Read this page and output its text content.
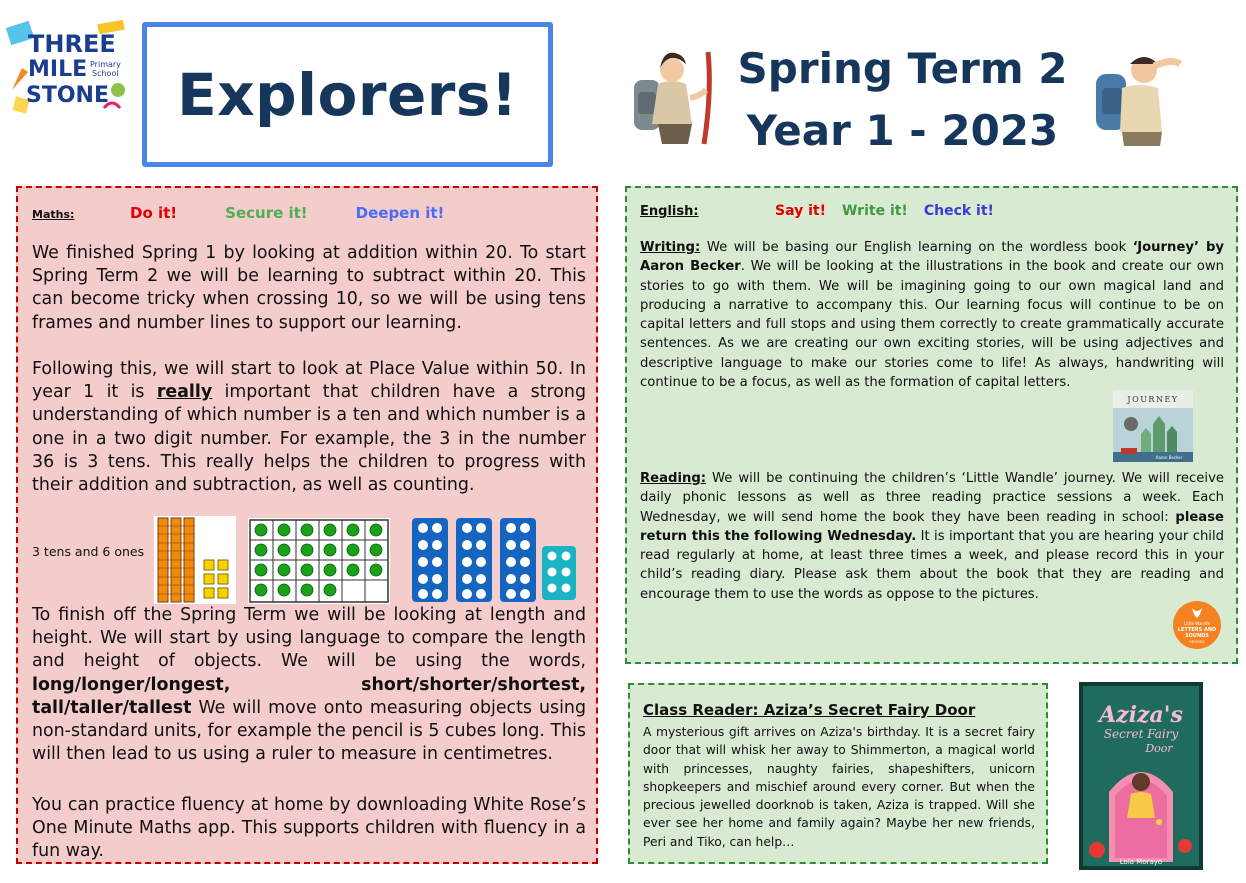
THREE
MILE Primary
School
STONE Explorers!	Spring Term 2
Year 1 - 2023
Maths:	Do it!	Secure it!	Deepen it!

We finished Spring 1 by looking at addition within 20. To start Spring Term 2 we will be learning to subtract within 20. This can become tricky when crossing 10, so we will be using tens frames and number lines to support our learning.

Following this, we will start to look at Place Value within 50. In year 1 it is really important that children have a strong understanding of which number is a ten and which number is a one in a two digit number. For example, the 3 in the number 36 is 3 tens. This really helps the children to progress with their addition and subtraction, as well as counting.

3 tens and 6 ones

To finish off the Spring Term we will be looking at length and height. We will start by using language to compare the length and height of objects. We will be using the words, long/longer/longest, short/shorter/shortest, tall/taller/tallest We will move onto measuring objects using non-standard units, for example the pencil is 5 cubes long. This will then lead to us using a ruler to measure in centimetres.

You can practice fluency at home by downloading White Rose’s One Minute Maths app. This supports children with fluency in a fun way.

English:	Say it! Write it! Check it!

Writing: We will be basing our English learning on the wordless book ‘Journey’ by Aaron Becker. We will be looking at the illustrations in the book and create our own stories to go with them. We will be imagining going to our own magical land and producing a narrative to accompany this. Our learning focus will continue to be on capital letters and full stops and using them correctly to create grammatically accurate sentences. As we are creating our own exciting stories, will be using adjectives and descriptive language to make our stories come to life! As always, handwriting will continue to be a focus, as well as the formation of capital letters.

JOURNEY
Aaron Becker

Reading: We will be continuing the children’s ‘Little Wandle’ journey. We will receive daily phonic lessons as well as three reading practice sessions a week. Each Wednesday, we will send home the book they have been reading in school: please return this the following Wednesday. It is important that you are hearing your child read regularly at home, at least three times a week, and please record this in your child’s reading diary. Please ask them about the book that they are reading and encourage them to use the words as oppose to the pictures.

Little Wandle
LETTERS AND
SOUNDS
REVISED
Class Reader: Aziza’s Secret Fairy Door

A mysterious gift arrives on Aziza's birthday. It is a secret fairy door that will whisk her away to Shimmerton, a magical world with princesses, naughty fairies, shapeshifters, unicorn shopkeepers and mischief around every corner. But when the precious jewelled doorknob is taken, Aziza is trapped. Will she ever see her home and family again? Maybe her new friends, Peri and Tiko, can help…

Aziza's
Secret Fairy
Door
Lola Morayo
